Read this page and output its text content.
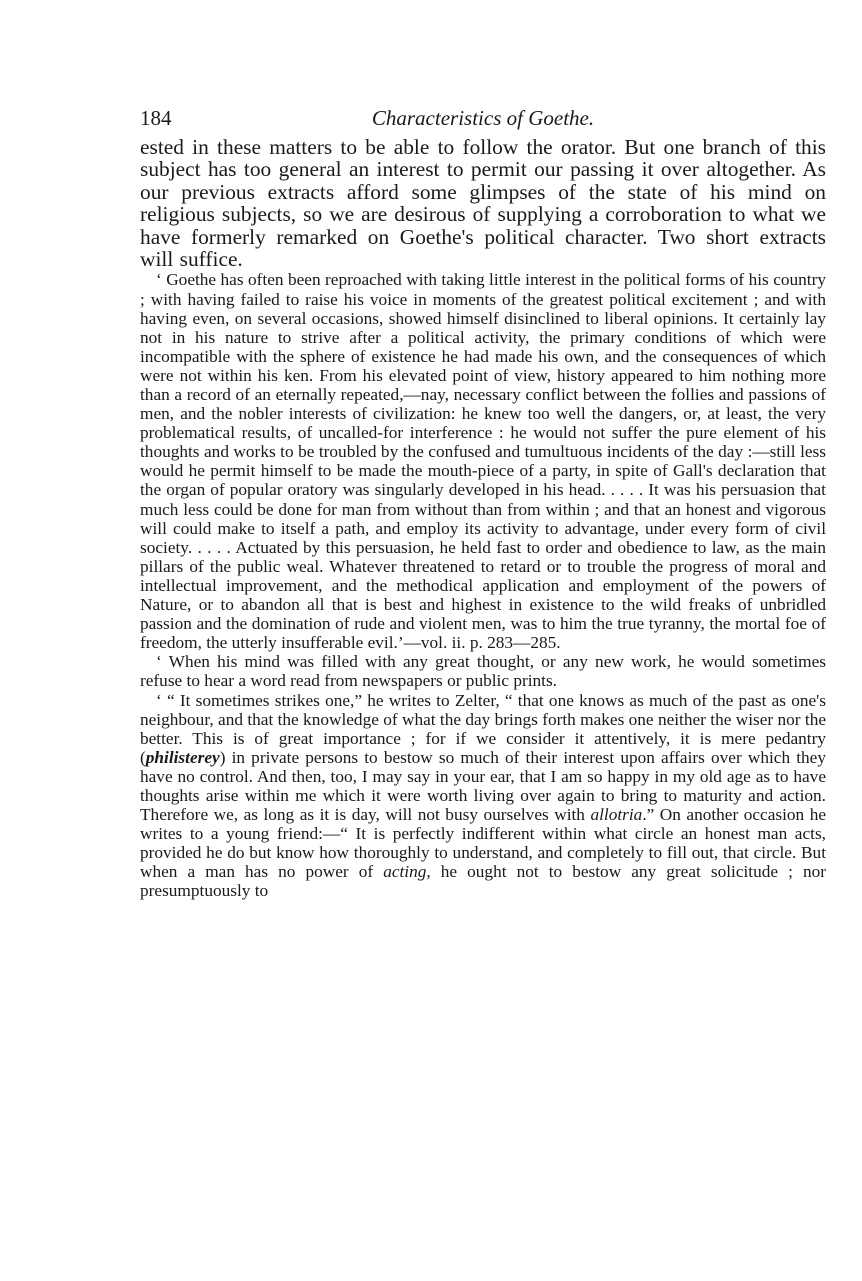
184	Characteristics of Goethe.

ested in these matters to be able to follow the orator. But one branch of this subject has too general an interest to permit our passing it over altogether. As our previous extracts afford some glimpses of the state of his mind on religious subjects, so we are desirous of supplying a corroboration to what we have formerly remarked on Goethe's political character. Two short extracts will suffice.

‘ Goethe has often been reproached with taking little interest in the political forms of his country ; with having failed to raise his voice in moments of the greatest political excitement ; and with having even, on several occasions, showed himself disinclined to liberal opinions. It certainly lay not in his nature to strive after a political activity, the primary conditions of which were incompatible with the sphere of existence he had made his own, and the consequences of which were not within his ken. From his elevated point of view, history appeared to him nothing more than a record of an eternally repeated,—nay, necessary conflict between the follies and passions of men, and the nobler interests of civilization: he knew too well the dangers, or, at least, the very problematical results, of uncalled-for interference : he would not suffer the pure element of his thoughts and works to be troubled by the confused and tumultuous incidents of the day :—still less would he permit himself to be made the mouth-piece of a party, in spite of Gall's declaration that the organ of popular oratory was singularly developed in his head. . . . . It was his persuasion that much less could be done for man from without than from within ; and that an honest and vigorous will could make to itself a path, and employ its activity to advantage, under every form of civil society. . . . . Actuated by this persuasion, he held fast to order and obedience to law, as the main pillars of the public weal. Whatever threatened to retard or to trouble the progress of moral and intellectual improvement, and the methodical application and employment of the powers of Nature, or to abandon all that is best and highest in existence to the wild freaks of unbridled passion and the domination of rude and violent men, was to him the true tyranny, the mortal foe of freedom, the utterly insufferable evil.’—vol. ii. p. 283—285.

‘ When his mind was filled with any great thought, or any new work, he would sometimes refuse to hear a word read from newspapers or public prints.

‘ “ It sometimes strikes one,” he writes to Zelter, “ that one knows as much of the past as one's neighbour, and that the knowledge of what the day brings forth makes one neither the wiser nor the better. This is of great importance ; for if we consider it attentively, it is mere pedantry (philisterey) in private persons to bestow so much of their interest upon affairs over which they have no control. And then, too, I may say in your ear, that I am so happy in my old age as to have thoughts arise within me which it were worth living over again to bring to maturity and action. Therefore we, as long as it is day, will not busy ourselves with allotria.” On another occasion he writes to a young friend:—“ It is perfectly indifferent within what circle an honest man acts, provided he do but know how thoroughly to understand, and completely to fill out, that circle. But when a man has no power of acting, he ought not to bestow any great solicitude ; nor presumptuously to
